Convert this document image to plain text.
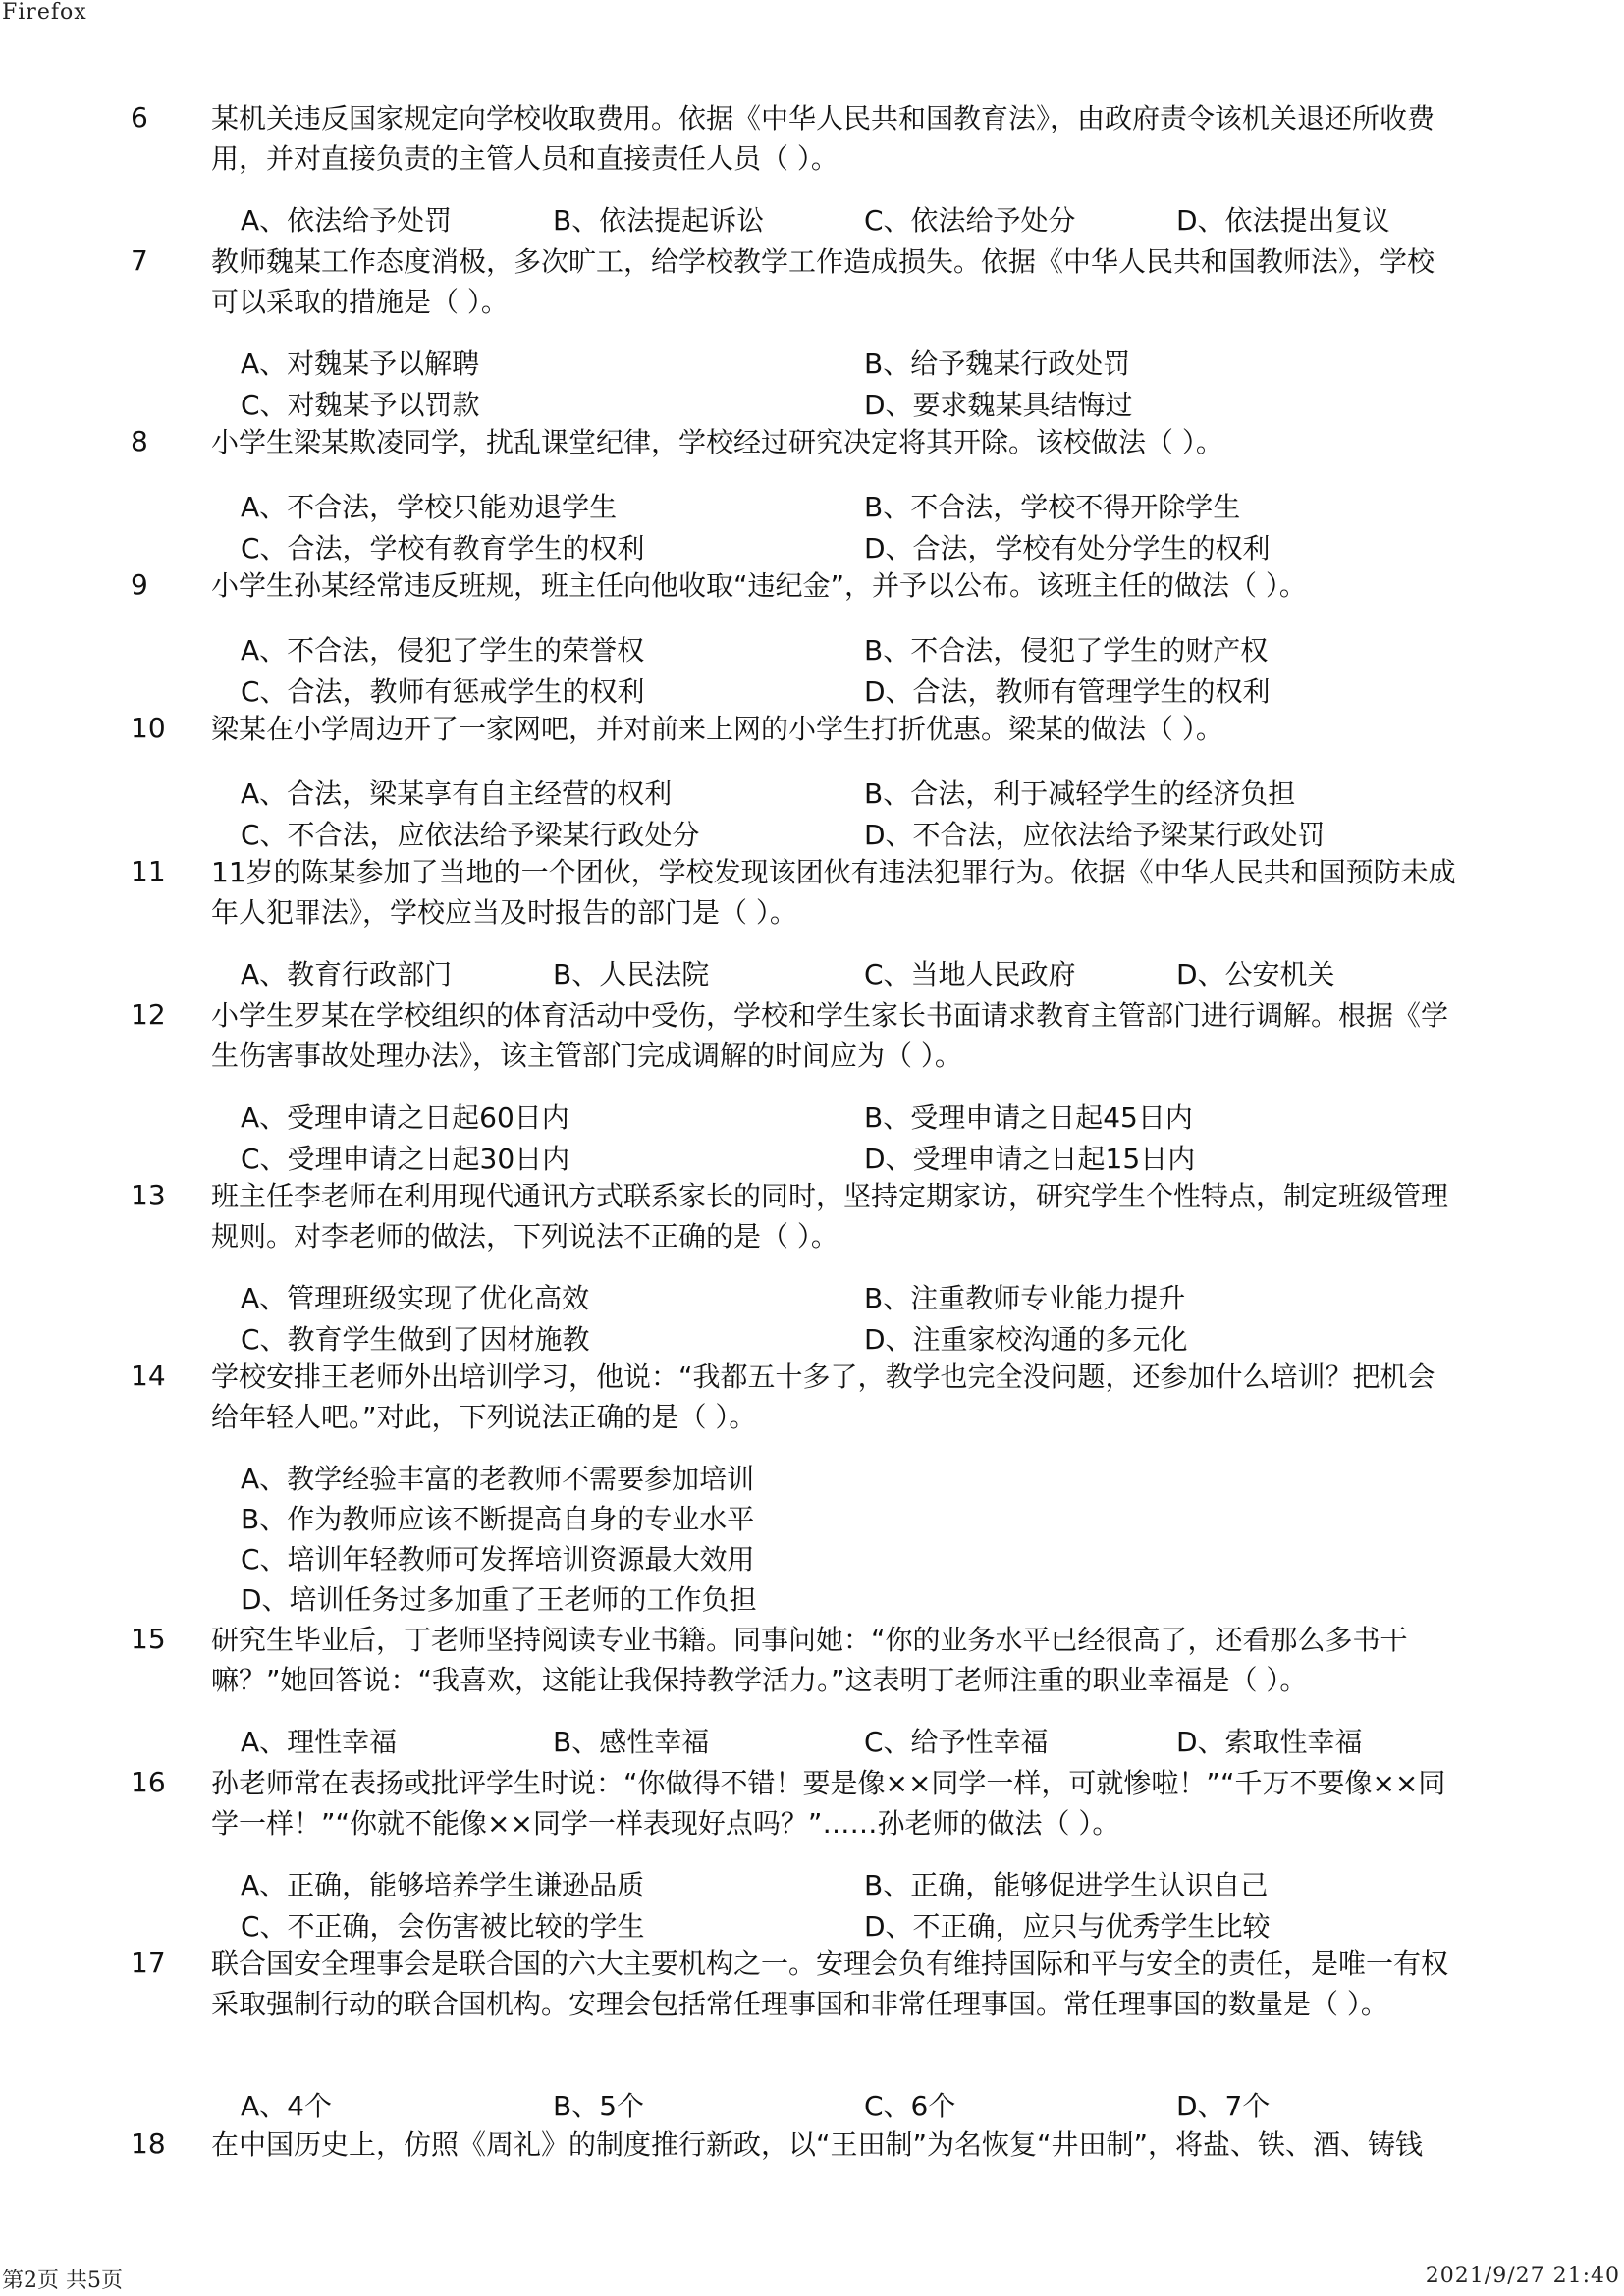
Firefox
6 某机关违反国家规定向学校收取费用。依据《中华人民共和国教育法》，由政府责令该机关退还所收费用，并对直接负责的主管人员和直接责任人员（ ）。
A、依法给予处罚	B、依法提起诉讼	C、依法给予处分	D、依法提出复议
7 教师魏某工作态度消极，多次旷工，给学校教学工作造成损失。依据《中华人民共和国教师法》，学校可以采取的措施是（ ）。
A、对魏某予以解聘	B、给予魏某行政处罚
C、对魏某予以罚款	D、要求魏某具结悔过
8 小学生梁某欺凌同学，扰乱课堂纪律，学校经过研究决定将其开除。该校做法（ ）。
A、不合法，学校只能劝退学生	B、不合法，学校不得开除学生
C、合法，学校有教育学生的权利	D、合法，学校有处分学生的权利
9 小学生孙某经常违反班规，班主任向他收取“违纪金”，并予以公布。该班主任的做法（ ）。
A、不合法，侵犯了学生的荣誉权	B、不合法，侵犯了学生的财产权
C、合法，教师有惩戒学生的权利	D、合法，教师有管理学生的权利
10 梁某在小学周边开了一家网吧，并对前来上网的小学生打折优惠。梁某的做法（ ）。
A、合法，梁某享有自主经营的权利	B、合法，利于减轻学生的经济负担
C、不合法，应依法给予梁某行政处分	D、不合法，应依法给予梁某行政处罚
11 11岁的陈某参加了当地的一个团伙，学校发现该团伙有违法犯罪行为。依据《中华人民共和国预防未成年人犯罪法》，学校应当及时报告的部门是（ ）。
A、教育行政部门	B、人民法院	C、当地人民政府	D、公安机关
12 小学生罗某在学校组织的体育活动中受伤，学校和学生家长书面请求教育主管部门进行调解。根据《学生伤害事故处理办法》，该主管部门完成调解的时间应为（ ）。
A、受理申请之日起60日内	B、受理申请之日起45日内
C、受理申请之日起30日内	D、受理申请之日起15日内
13 班主任李老师在利用现代通讯方式联系家长的同时，坚持定期家访，研究学生个性特点，制定班级管理规则。对李老师的做法，下列说法不正确的是（ ）。
A、管理班级实现了优化高效	B、注重教师专业能力提升
C、教育学生做到了因材施教	D、注重家校沟通的多元化
14 学校安排王老师外出培训学习，他说：“我都五十多了，教学也完全没问题，还参加什么培训？把机会给年轻人吧。”对此，下列说法正确的是（ ）。
A、教学经验丰富的老教师不需要参加培训
B、作为教师应该不断提高自身的专业水平
C、培训年轻教师可发挥培训资源最大效用
D、培训任务过多加重了王老师的工作负担
15 研究生毕业后，丁老师坚持阅读专业书籍。同事问她：“你的业务水平已经很高了，还看那么多书干嘛？”她回答说：“我喜欢，这能让我保持教学活力。”这表明丁老师注重的职业幸福是（ ）。
A、理性幸福	B、感性幸福	C、给予性幸福	D、索取性幸福
16 孙老师常在表扬或批评学生时说：“你做得不错！要是像××同学一样，可就惨啦！”“千万不要像××同学一样！”“你就不能像××同学一样表现好点吗？”……孙老师的做法（ ）。
A、正确，能够培养学生谦逊品质	B、正确，能够促进学生认识自己
C、不正确，会伤害被比较的学生	D、不正确，应只与优秀学生比较
17 联合国安全理事会是联合国的六大主要机构之一。安理会负有维持国际和平与安全的责任，是唯一有权采取强制行动的联合国机构。安理会包括常任理事国和非常任理事国。常任理事国的数量是（ ）。
A、4个	B、5个	C、6个	D、7个
18 在中国历史上，仿照《周礼》的制度推行新政，以“王田制”为名恢复“井田制”，将盐、铁、酒、铸钱
第2页 共5页	2021/9/27 21:40
